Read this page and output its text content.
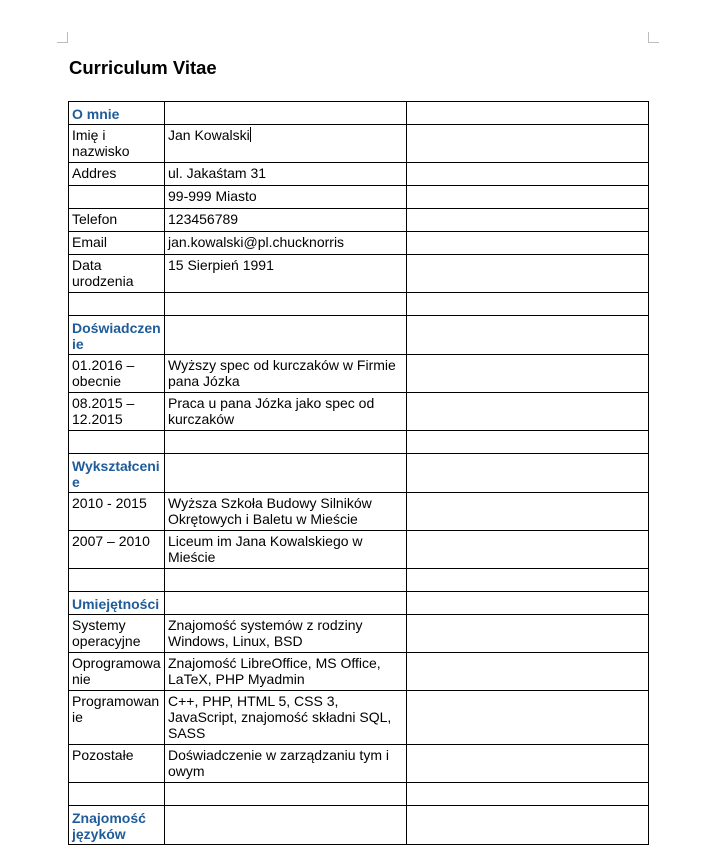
Curriculum Vitae
O mnie		
Imię i nazwisko	Jan Kowalski	
Addres	ul. Jakaśtam 31	
	99-999 Miasto	
Telefon	123456789	
Email	jan.kowalski@pl.chucknorris	
Data urodzenia	15 Sierpień 1991	

Doświadczenie		
01.2016 – obecnie	Wyższy spec od kurczaków w Firmie pana Józka	
08.2015 – 12.2015	Praca u pana Józka jako spec od kurczaków	

Wykształcenie		
2010 - 2015	Wyższa Szkoła Budowy Silników Okrętowych i Baletu w Mieście	
2007 – 2010	Liceum im Jana Kowalskiego w Mieście	

Umiejętności		
Systemy operacyjne	Znajomość systemów z rodziny Windows, Linux, BSD	
Oprogramowanie	Znajomość LibreOffice, MS Office, LaTeX, PHP Myadmin	
Programowanie	C++, PHP, HTML 5, CSS 3, JavaScript, znajomość składni SQL, SASS	
Pozostałe	Doświadczenie w zarządzaniu tym i owym	

Znajomość języków		
